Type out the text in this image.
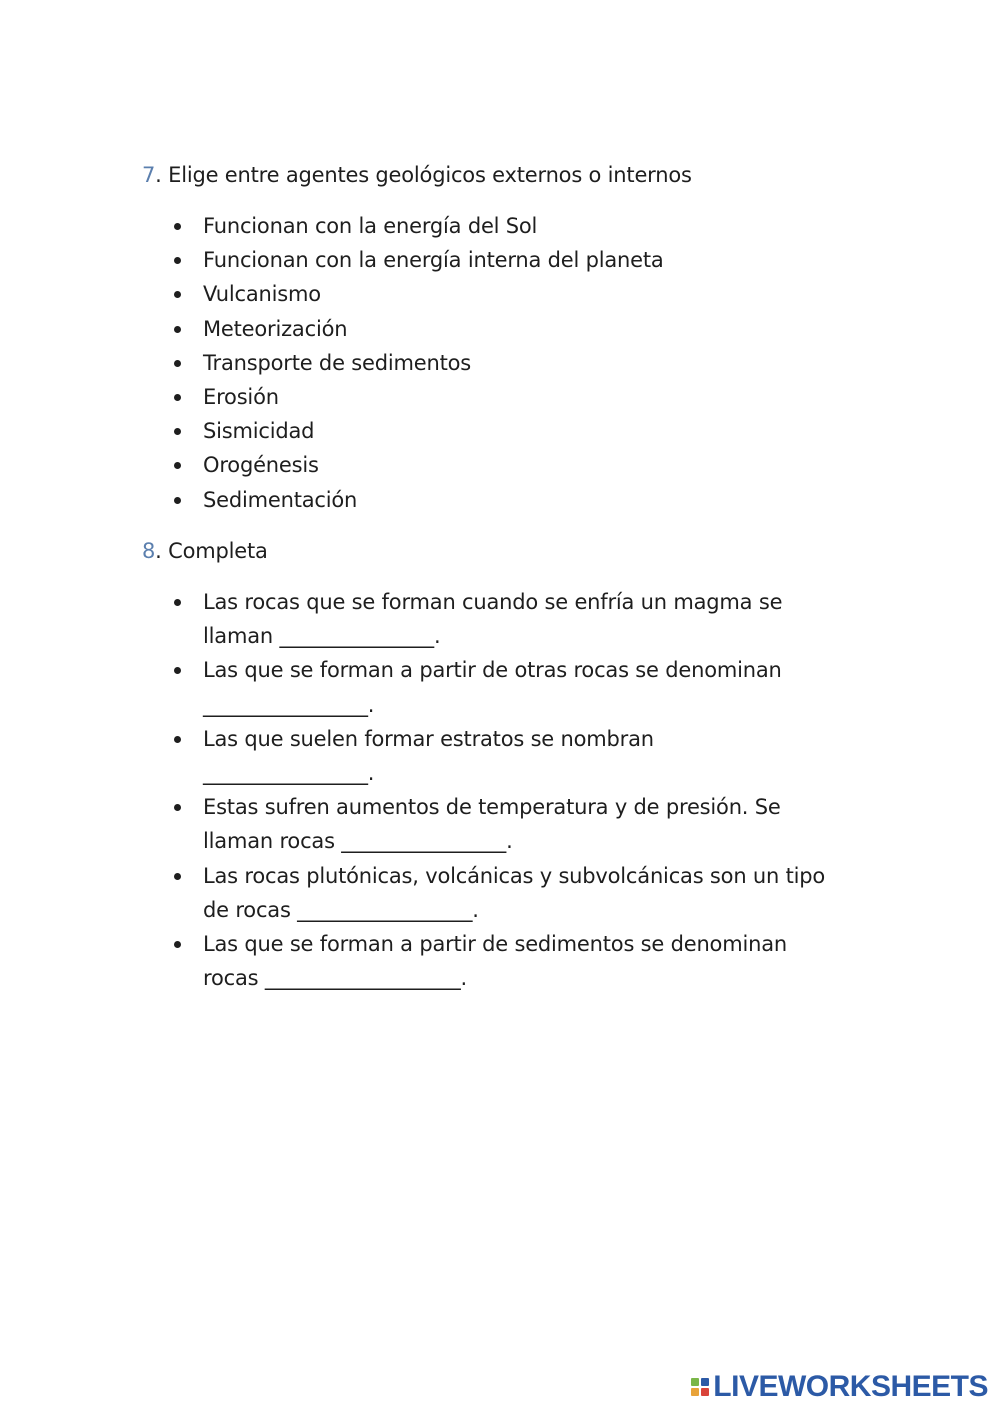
7. Elige entre agentes geológicos externos o internos
Funcionan con la energía del Sol
Funcionan con la energía interna del planeta
Vulcanismo
Meteorización
Transporte de sedimentos
Erosión
Sismicidad
Orogénesis
Sedimentación
8. Completa
Las rocas que se forman cuando se enfría un magma se
llaman _______________.
Las que se forman a partir de otras rocas se denominan
________________.
Las que suelen formar estratos se nombran
________________.
Estas sufren aumentos de temperatura y de presión. Se
llaman rocas ________________.
Las rocas plutónicas, volcánicas y subvolcánicas son un tipo
de rocas _________________.
Las que se forman a partir de sedimentos se denominan
rocas ___________________.
LIVEWORKSHEETS
